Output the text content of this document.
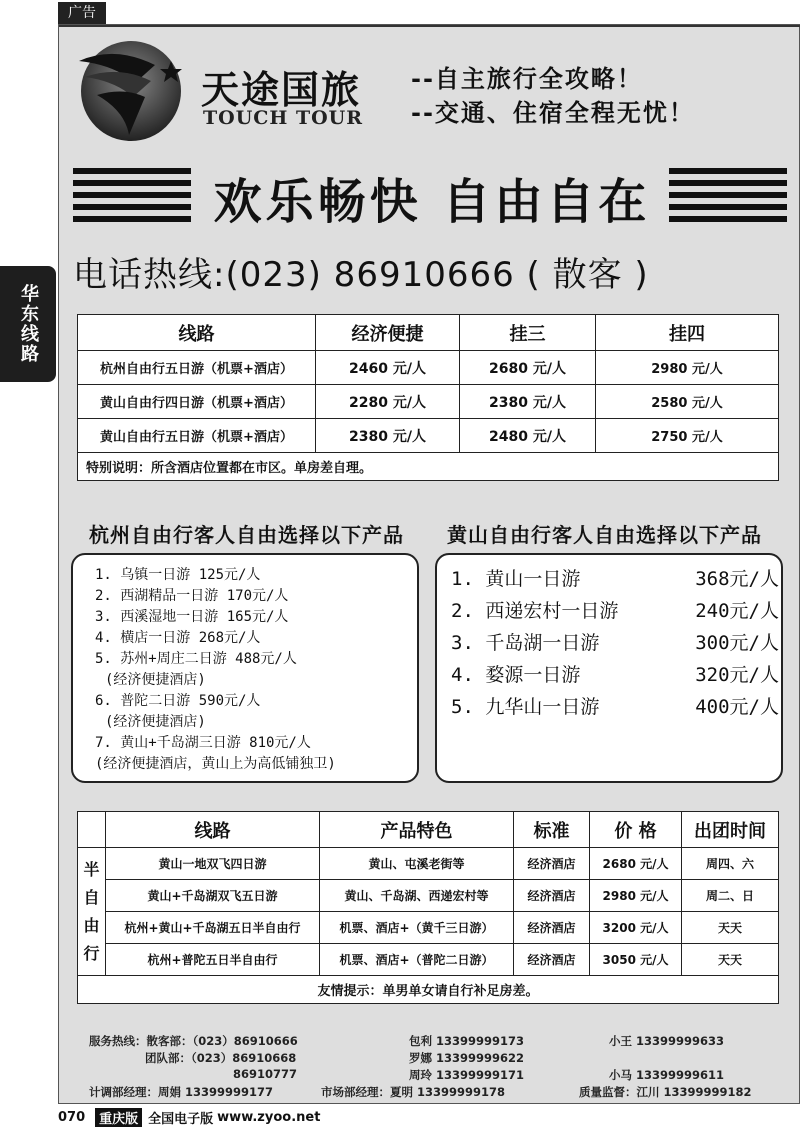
广告
华东线路
天途国旅
TOUCH TOUR
--自主旅行全攻略！
--交通、住宿全程无忧！
欢乐畅快 自由自在
电话热线:(023) 86910666 ( 散客 )
线路	经济便捷	挂三	挂四
杭州自由行五日游（机票+酒店）	2460 元/人	2680 元/人	2980 元/人
黄山自由行四日游（机票+酒店）	2280 元/人	2380 元/人	2580 元/人
黄山自由行五日游（机票+酒店）	2380 元/人	2480 元/人	2750 元/人
特别说明：所含酒店位置都在市区。单房差自理。			
杭州自由行客人自由选择以下产品 黄山自由行客人自由选择以下产品
1. 乌镇一日游 125元/人
2. 西湖精品一日游 170元/人
3. 西溪湿地一日游 165元/人
4. 横店一日游 268元/人
5. 苏州+周庄二日游 488元/人
(经济便捷酒店)
6. 普陀二日游 590元/人
(经济便捷酒店)
7. 黄山+千岛湖三日游 810元/人
(经济便捷酒店，黄山上为高低铺独卫)
1. 黄山一日游	368元/人
2. 西递宏村一日游	240元/人
3. 千岛湖一日游	300元/人
4. 婺源一日游	320元/人
5. 九华山一日游	400元/人
	线路	产品特色	标准	价 格	出团时间
半自由行	黄山一地双飞四日游	黄山、屯溪老街等	经济酒店	2680 元/人	周四、六
	黄山+千岛湖双飞五日游	黄山、千岛湖、西递宏村等	经济酒店	2980 元/人	周二、日
	杭州+黄山+千岛湖五日半自由行	机票、酒店+（黄千三日游）	经济酒店	3200 元/人	天天
	杭州+普陀五日半自由行	机票、酒店+（普陀二日游）	经济酒店	3050 元/人	天天
友情提示：单男单女请自行补足房差。					
服务热线：散客部：（023）86910666	包利 13399999173	小王 13399999633
团队部：（023）86910668	罗娜 13399999622
86910777	周玲 13399999171	小马 13399999611
计调部经理：周娟 13399999177	市场部经理：夏明 13399999178	质量监督：江川 13399999182
070	重庆版 全国电子版 www.zyoo.net
